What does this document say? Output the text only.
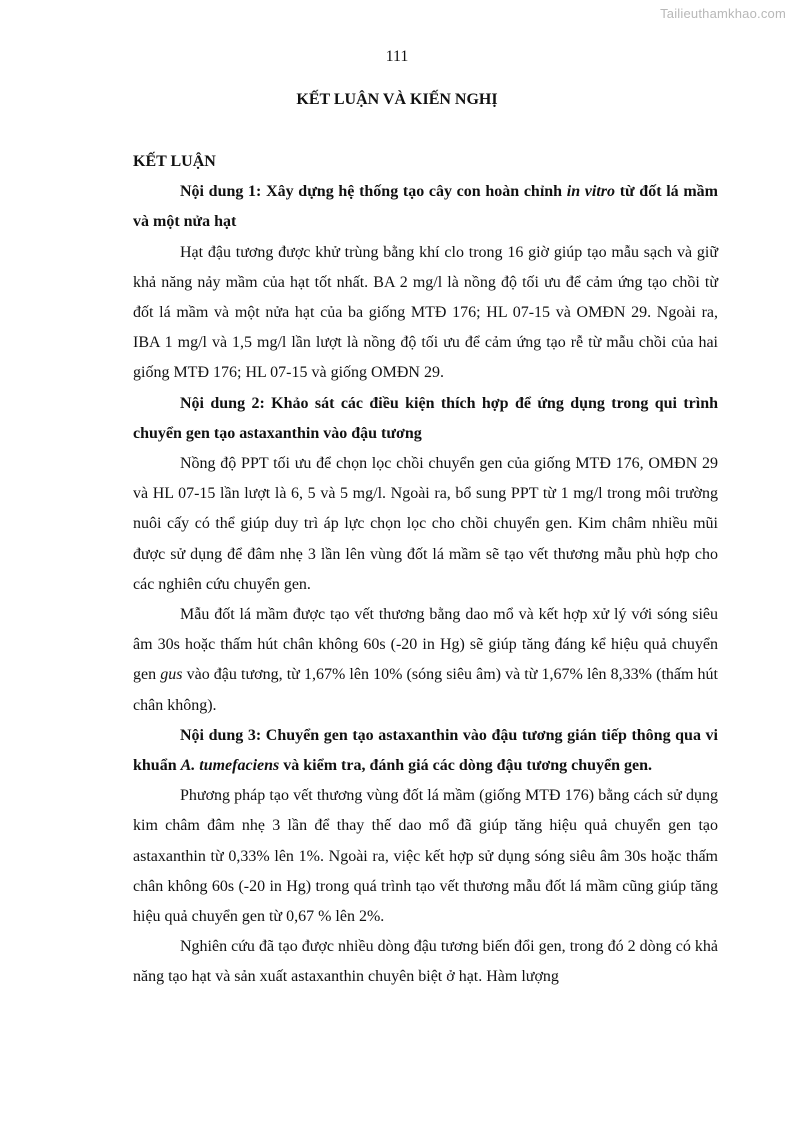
Tailieuthamkhao.com
111
KẾT LUẬN VÀ KIẾN NGHỊ
KẾT LUẬN

Nội dung 1: Xây dựng hệ thống tạo cây con hoàn chỉnh in vitro từ đốt lá mầm và một nửa hạt

Hạt đậu tương được khử trùng bằng khí clo trong 16 giờ giúp tạo mẫu sạch và giữ khả năng nảy mầm của hạt tốt nhất. BA 2 mg/l là nồng độ tối ưu để cảm ứng tạo chồi từ đốt lá mầm và một nửa hạt của ba giống MTĐ 176; HL 07-15 và OMĐN 29. Ngoài ra, IBA 1 mg/l và 1,5 mg/l lần lượt là nồng độ tối ưu để cảm ứng tạo rễ từ mẫu chồi của hai giống MTĐ 176; HL 07-15 và giống OMĐN 29.

Nội dung 2: Khảo sát các điều kiện thích hợp để ứng dụng trong qui trình chuyển gen tạo astaxanthin vào đậu tương

Nồng độ PPT tối ưu để chọn lọc chồi chuyển gen của giống MTĐ 176, OMĐN 29 và HL 07-15 lần lượt là 6, 5 và 5 mg/l. Ngoài ra, bổ sung PPT từ 1 mg/l trong môi trường nuôi cấy có thể giúp duy trì áp lực chọn lọc cho chồi chuyển gen. Kim châm nhiều mũi được sử dụng để đâm nhẹ 3 lần lên vùng đốt lá mầm sẽ tạo vết thương mẫu phù hợp cho các nghiên cứu chuyển gen.

Mẫu đốt lá mầm được tạo vết thương bằng dao mổ và kết hợp xử lý với sóng siêu âm 30s hoặc thấm hút chân không 60s (-20 in Hg) sẽ giúp tăng đáng kể hiệu quả chuyển gen gus vào đậu tương, từ 1,67% lên 10% (sóng siêu âm) và từ 1,67% lên 8,33% (thấm hút chân không).

Nội dung 3: Chuyển gen tạo astaxanthin vào đậu tương gián tiếp thông qua vi khuẩn A. tumefaciens và kiểm tra, đánh giá các dòng đậu tương chuyển gen.

Phương pháp tạo vết thương vùng đốt lá mầm (giống MTĐ 176) bằng cách sử dụng kim châm đâm nhẹ 3 lần để thay thế dao mổ đã giúp tăng hiệu quả chuyển gen tạo astaxanthin từ 0,33% lên 1%. Ngoài ra, việc kết hợp sử dụng sóng siêu âm 30s hoặc thấm chân không 60s (-20 in Hg) trong quá trình tạo vết thương mẫu đốt lá mầm cũng giúp tăng hiệu quả chuyển gen từ 0,67 % lên 2%.

Nghiên cứu đã tạo được nhiều dòng đậu tương biến đổi gen, trong đó 2 dòng có khả năng tạo hạt và sản xuất astaxanthin chuyên biệt ở hạt. Hàm lượng
